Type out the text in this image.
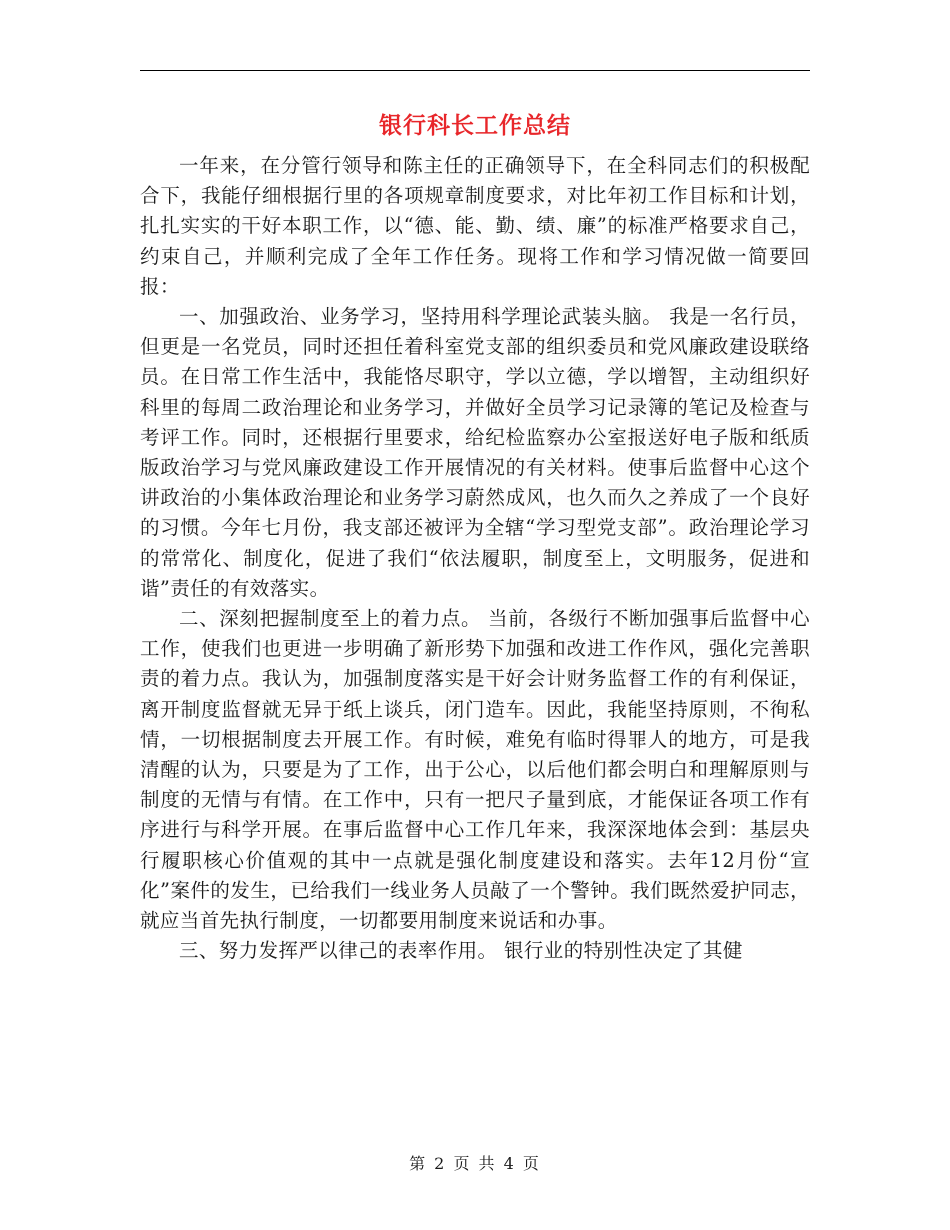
银行科长工作总结

一年来，在分管行领导和陈主任的正确领导下，在全科同志们的积极配合下，我能仔细根据行里的各项规章制度要求，对比年初工作目标和计划，扎扎实实的干好本职工作，以“德、能、勤、绩、廉”的标准严格要求自己，约束自己，并顺利完成了全年工作任务。现将工作和学习情况做一简要回报：

一、加强政治、业务学习，坚持用科学理论武装头脑。 我是一名行员，但更是一名党员，同时还担任着科室党支部的组织委员和党风廉政建设联络员。在日常工作生活中，我能恪尽职守，学以立德，学以增智，主动组织好科里的每周二政治理论和业务学习，并做好全员学习记录簿的笔记及检查与考评工作。同时，还根据行里要求，给纪检监察办公室报送好电子版和纸质版政治学习与党风廉政建设工作开展情况的有关材料。使事后监督中心这个讲政治的小集体政治理论和业务学习蔚然成风，也久而久之养成了一个良好的习惯。今年七月份，我支部还被评为全辖“学习型党支部”。政治理论学习的常常化、制度化，促进了我们“依法履职，制度至上，文明服务，促进和谐”责任的有效落实。

二、深刻把握制度至上的着力点。 当前，各级行不断加强事后监督中心工作，使我们也更进一步明确了新形势下加强和改进工作作风，强化完善职责的着力点。我认为，加强制度落实是干好会计财务监督工作的有利保证，离开制度监督就无异于纸上谈兵，闭门造车。因此，我能坚持原则，不徇私情，一切根据制度去开展工作。有时候，难免有临时得罪人的地方，可是我清醒的认为，只要是为了工作，出于公心，以后他们都会明白和理解原则与制度的无情与有情。在工作中，只有一把尺子量到底，才能保证各项工作有序进行与科学开展。在事后监督中心工作几年来，我深深地体会到：基层央行履职核心价值观的其中一点就是强化制度建设和落实。去年12月份“宣化”案件的发生，已给我们一线业务人员敲了一个警钟。我们既然爱护同志，就应当首先执行制度，一切都要用制度来说话和办事。

三、努力发挥严以律己的表率作用。 银行业的特别性决定了其健

第 2 页 共 4 页
